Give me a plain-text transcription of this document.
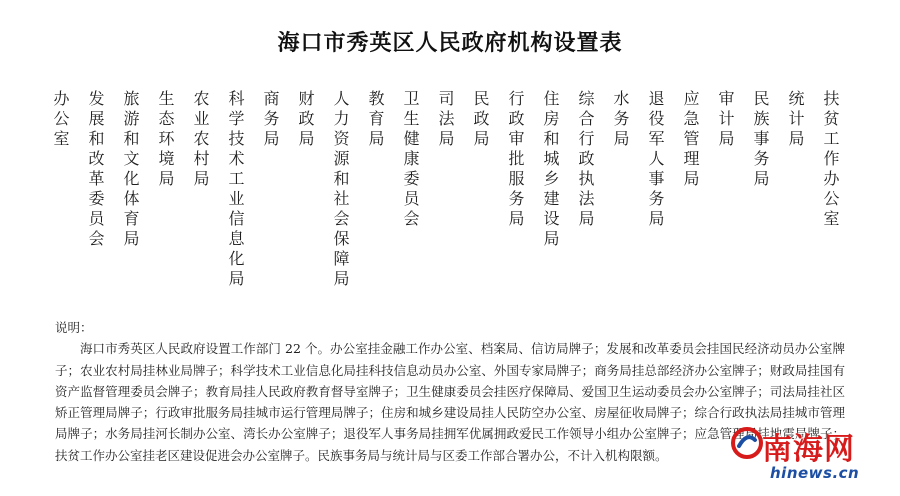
海口市秀英区人民政府机构设置表
办公室 发展和改革委员会 旅游和文化体育局 生态环境局 农业农村局 科学技术工业信息化局 商务局 财政局 人力资源和社会保障局 教育局 卫生健康委员会 司法局 民政局 行政审批服务局 住房和城乡建设局 综合行政执法局 水务局 退役军人事务局 应急管理局 审计局 民族事务局 统计局 扶贫工作办公室
说明：
海口市秀英区人民政府设置工作部门 22 个。办公室挂金融工作办公室、档案局、信访局牌子；发展和改革委员会挂国民经济动员办公室牌子；农业农村局挂林业局牌子；科学技术工业信息化局挂科技信息动员办公室、外国专家局牌子；商务局挂总部经济办公室牌子；财政局挂国有资产监督管理委员会牌子；教育局挂人民政府教育督导室牌子；卫生健康委员会挂医疗保障局、爱国卫生运动委员会办公室牌子；司法局挂社区矫正管理局牌子；行政审批服务局挂城市运行管理局牌子；住房和城乡建设局挂人民防空办公室、房屋征收局牌子；综合行政执法局挂城市管理局牌子；水务局挂河长制办公室、湾长办公室牌子；退役军人事务局挂拥军优属拥政爱民工作领导小组办公室牌子；应急管理局挂地震局牌子；扶贫工作办公室挂老区建设促进会办公室牌子。民族事务局与统计局与区委工作部合署办公，不计入机构限额。	南海网
hinews.cn
